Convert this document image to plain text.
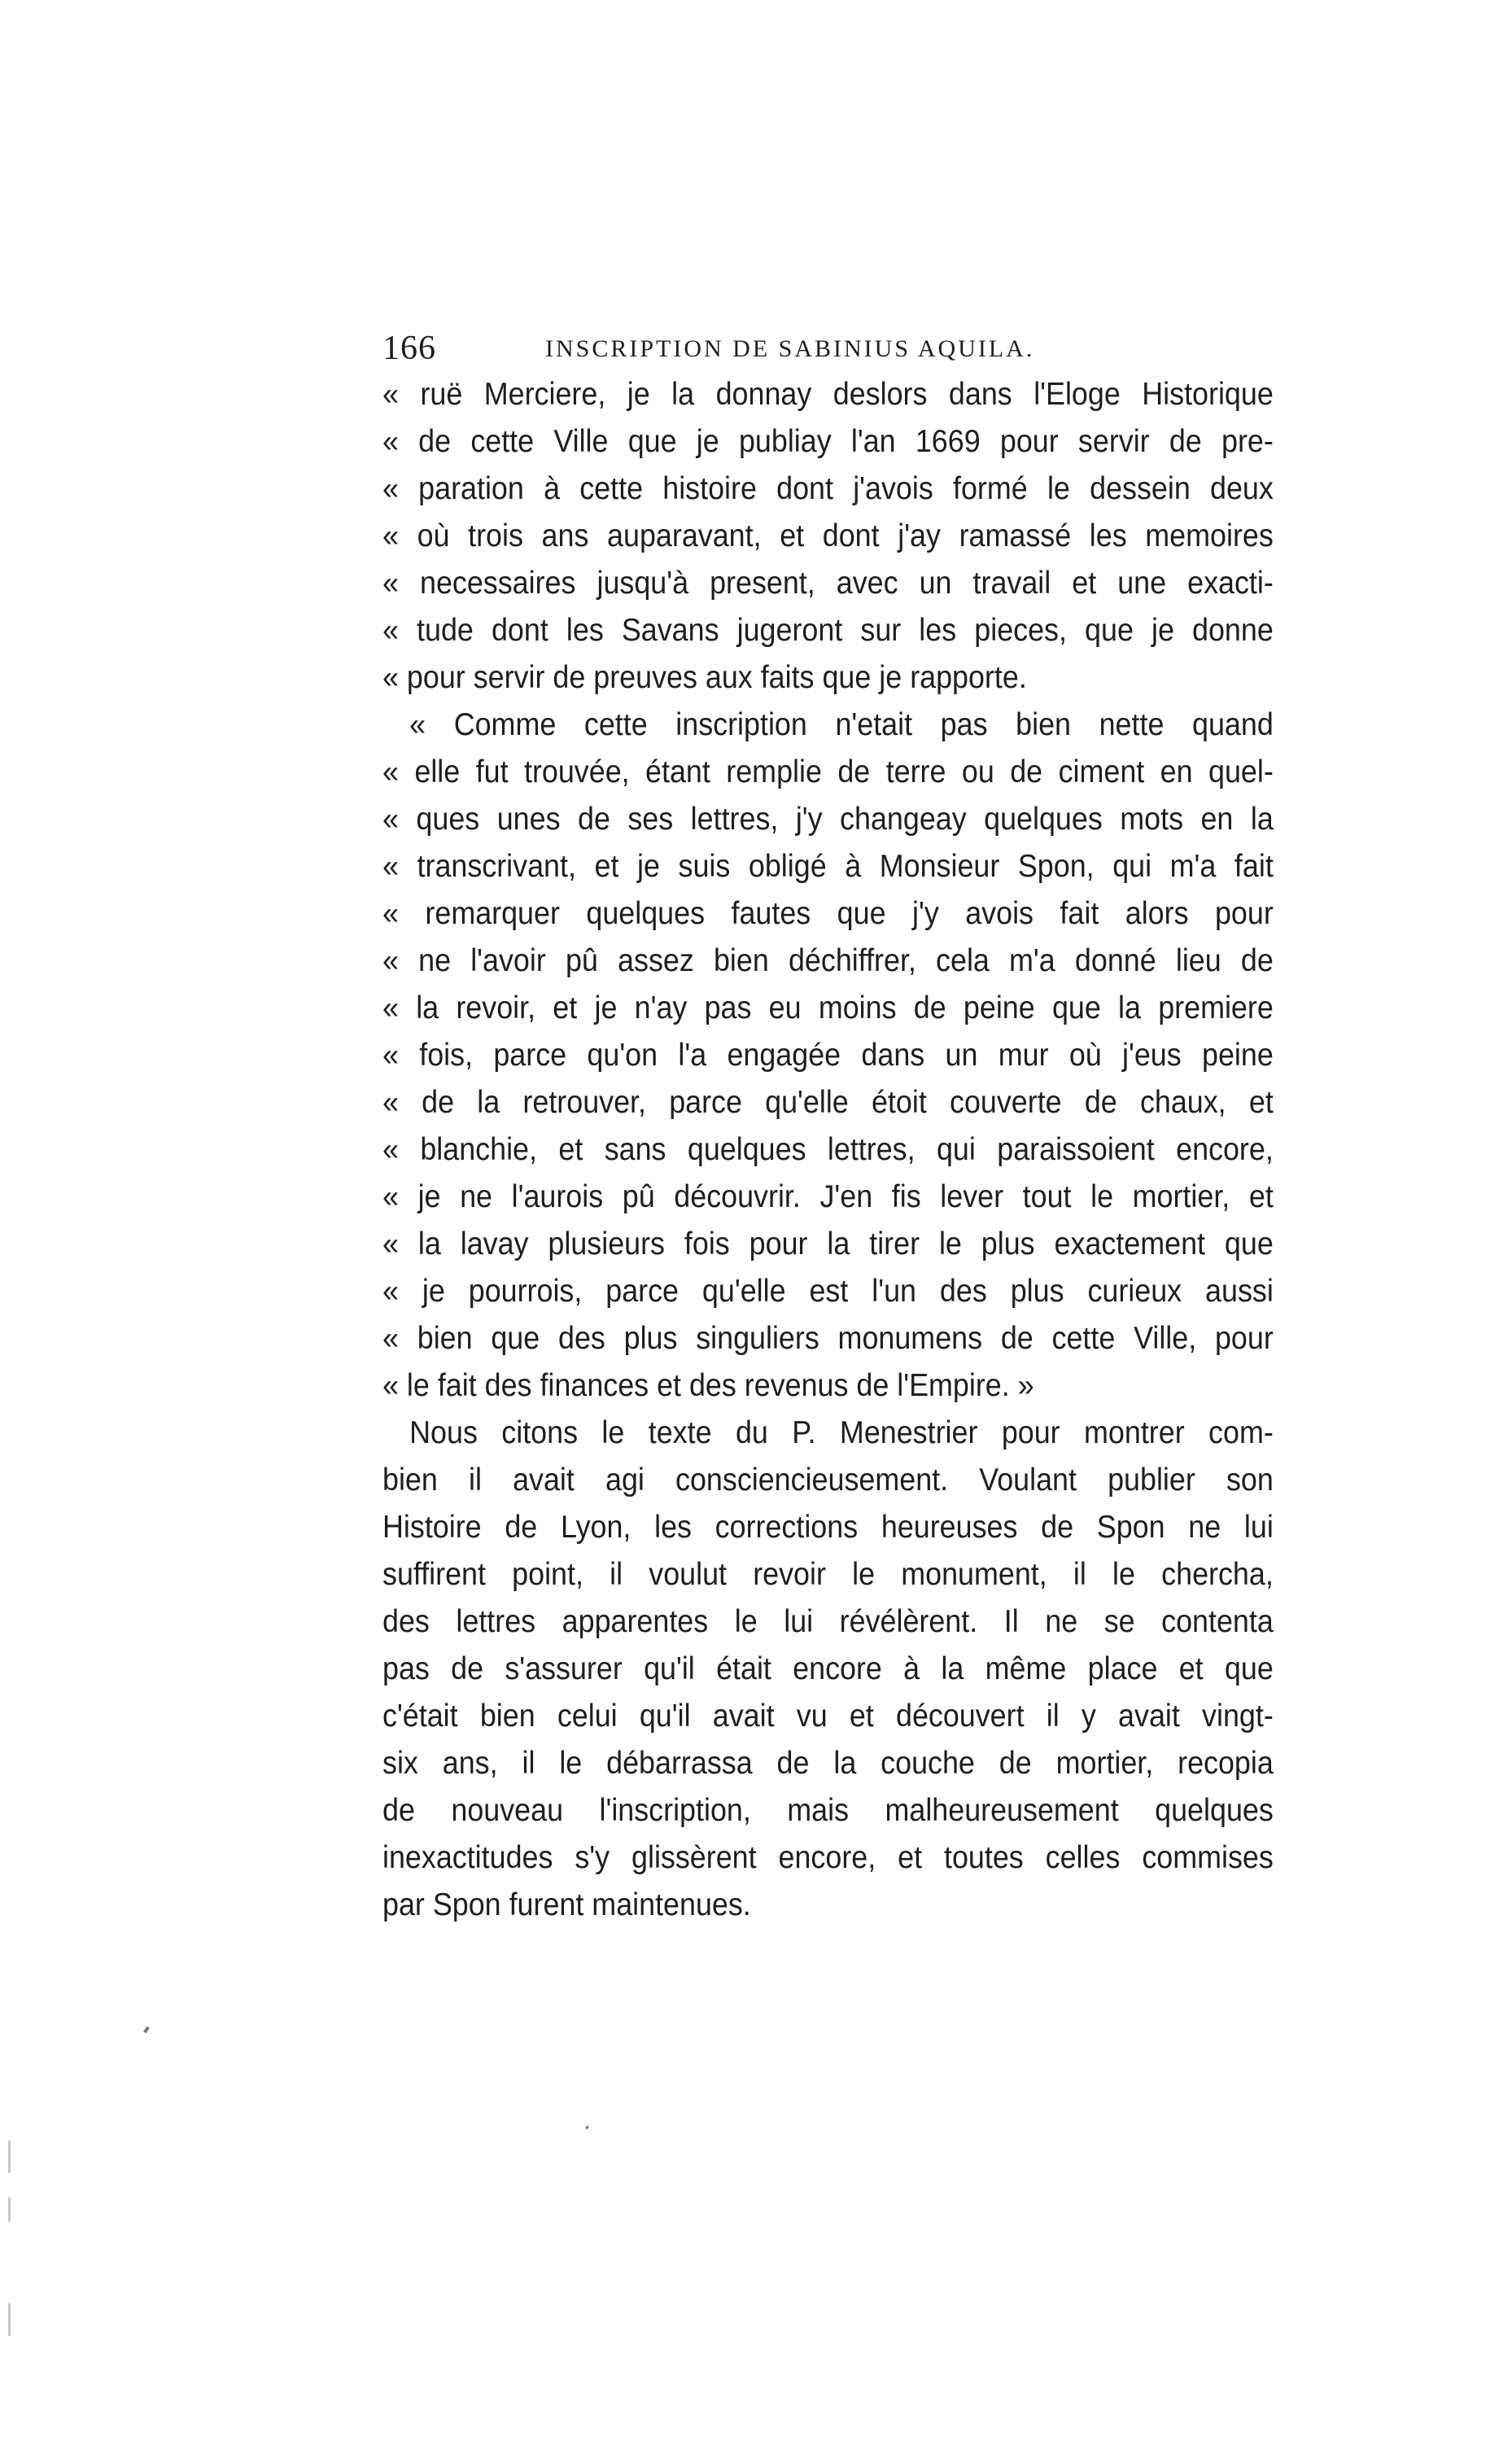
166	INSCRIPTION DE SABINIUS AQUILA.
« ruë Merciere, je la donnay deslors dans l'Eloge Historique
« de cette Ville que je publiay l'an 1669 pour servir de pre-
« paration à cette histoire dont j'avois formé le dessein deux
« où trois ans auparavant, et dont j'ay ramassé les memoires
« necessaires jusqu'à present, avec un travail et une exacti-
« tude dont les Savans jugeront sur les pieces, que je donne
« pour servir de preuves aux faits que je rapporte.
« Comme cette inscription n'etait pas bien nette quand
« elle fut trouvée, étant remplie de terre ou de ciment en quel-
« ques unes de ses lettres, j'y changeay quelques mots en la
« transcrivant, et je suis obligé à Monsieur Spon, qui m'a fait
« remarquer quelques fautes que j'y avois fait alors pour
« ne l'avoir pû assez bien déchiffrer, cela m'a donné lieu de
« la revoir, et je n'ay pas eu moins de peine que la premiere
« fois, parce qu'on l'a engagée dans un mur où j'eus peine
« de la retrouver, parce qu'elle étoit couverte de chaux, et
« blanchie, et sans quelques lettres, qui paraissoient encore,
« je ne l'aurois pû découvrir. J'en fis lever tout le mortier, et
« la lavay plusieurs fois pour la tirer le plus exactement que
« je pourrois, parce qu'elle est l'un des plus curieux aussi
« bien que des plus singuliers monumens de cette Ville, pour
« le fait des finances et des revenus de l'Empire. »
Nous citons le texte du P. Menestrier pour montrer com-
bien il avait agi consciencieusement. Voulant publier son
Histoire de Lyon, les corrections heureuses de Spon ne lui
suffirent point, il voulut revoir le monument, il le chercha,
des lettres apparentes le lui révélèrent. Il ne se contenta
pas de s'assurer qu'il était encore à la même place et que
c'était bien celui qu'il avait vu et découvert il y avait vingt-
six ans, il le débarrassa de la couche de mortier, recopia
de nouveau l'inscription, mais malheureusement quelques
inexactitudes s'y glissèrent encore, et toutes celles commises
par Spon furent maintenues.
